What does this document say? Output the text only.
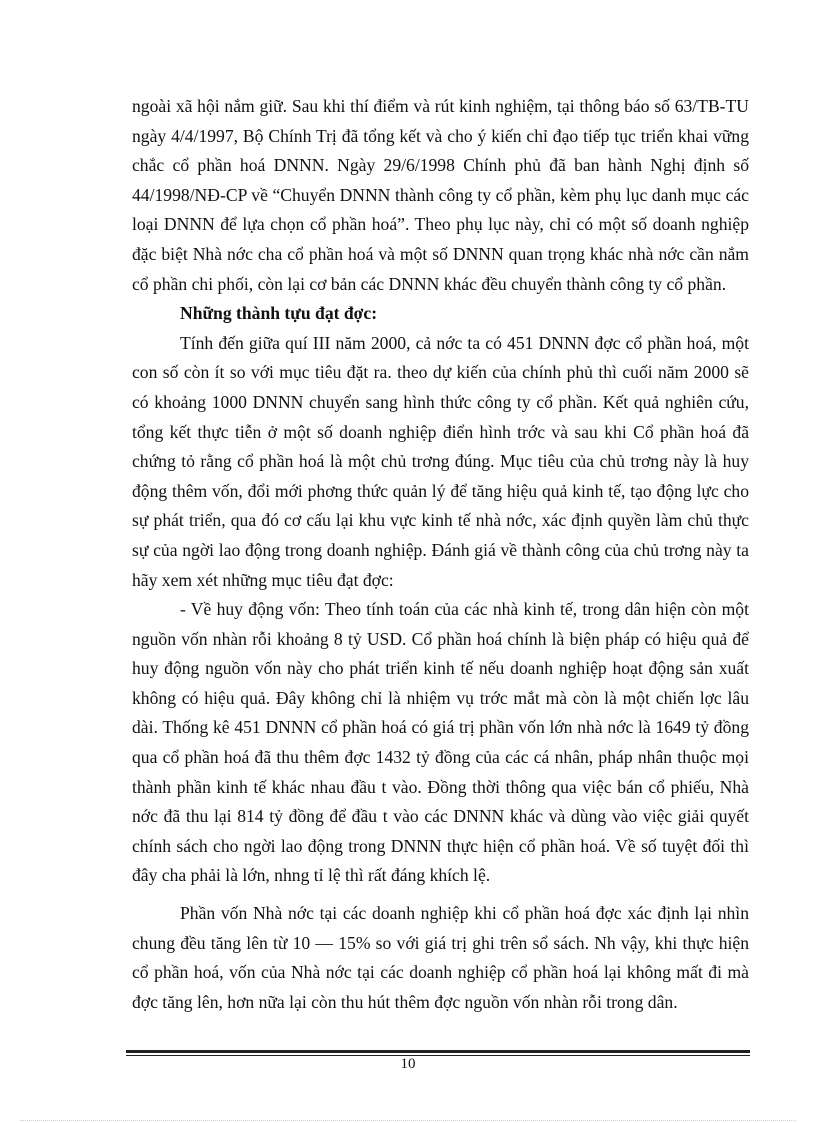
ngoài xã hội nắm giữ. Sau khi thí điểm và rút kinh nghiệm, tại thông báo số 63/TB-TU ngày 4/4/1997, Bộ Chính Trị đã tổng kết và cho ý kiến chỉ đạo tiếp tục triển khai vững chắc cổ phần hoá DNNN. Ngày 29/6/1998 Chính phủ đã ban hành Nghị định số 44/1998/NĐ-CP về “Chuyển DNNN thành công ty cổ phần, kèm phụ lục danh mục các loại DNNN để lựa chọn cổ phần hoá”. Theo phụ lục này, chỉ có một số doanh nghiệp đặc biệt Nhà nớc cha cổ phần hoá và một số DNNN quan trọng khác nhà nớc cần nắm cổ phần chi phối, còn lại cơ bản các DNNN khác đều chuyển thành công ty cổ phần.

Những thành tựu đạt đợc:

Tính đến giữa quí III năm 2000, cả nớc ta có 451 DNNN đợc cổ phần hoá, một con số còn ít so với mục tiêu đặt ra. theo dự kiến của chính phủ thì cuối năm 2000 sẽ có khoảng 1000 DNNN chuyển sang hình thức công ty cổ phần. Kết quả nghiên cứu, tổng kết thực tiễn ở một số doanh nghiệp điển hình trớc và sau khi Cổ phần hoá đã chứng tỏ rằng cổ phần hoá là một chủ trơng đúng. Mục tiêu của chủ trơng này là huy động thêm vốn, đổi mới phơng thức quản lý để tăng hiệu quả kinh tế, tạo động lực cho sự phát triển, qua đó cơ cấu lại khu vực kinh tế nhà nớc, xác định quyền làm chủ thực sự của ngời lao động trong doanh nghiệp. Đánh giá về thành công của chủ trơng này ta hãy xem xét những mục tiêu đạt đợc:

- Về huy động vốn: Theo tính toán của các nhà kinh tế, trong dân hiện còn một nguồn vốn nhàn rỗi khoảng 8 tỷ USD. Cổ phần hoá chính là biện pháp có hiệu quả để huy động nguồn vốn này cho phát triển kinh tế nếu doanh nghiệp hoạt động sản xuất không có hiệu quả. Đây không chỉ là nhiệm vụ trớc mắt mà còn là một chiến lợc lâu dài. Thống kê 451 DNNN cổ phần hoá có giá trị phần vốn lớn nhà nớc là 1649 tỷ đồng qua cổ phần hoá đã thu thêm đợc 1432 tỷ đồng của các cá nhân, pháp nhân thuộc mọi thành phần kinh tế khác nhau đầu t vào. Đồng thời thông qua việc bán cổ phiếu, Nhà nớc đã thu lại 814 tỷ đồng để đầu t vào các DNNN khác và dùng vào việc giải quyết chính sách cho ngời lao động trong DNNN thực hiện cổ phần hoá. Về số tuyệt đối thì đây cha phải là lớn, nhng tỉ lệ thì rất đáng khích lệ.

Phần vốn Nhà nớc tại các doanh nghiệp khi cổ phần hoá đợc xác định lại nhìn chung đều tăng lên từ 10 — 15% so với giá trị ghi trên sổ sách. Nh vậy, khi thực hiện cổ phần hoá, vốn của Nhà nớc tại các doanh nghiệp cổ phần hoá lại không mất đi mà đợc tăng lên, hơn nữa lại còn thu hút thêm đợc nguồn vốn nhàn rỗi trong dân.

10
